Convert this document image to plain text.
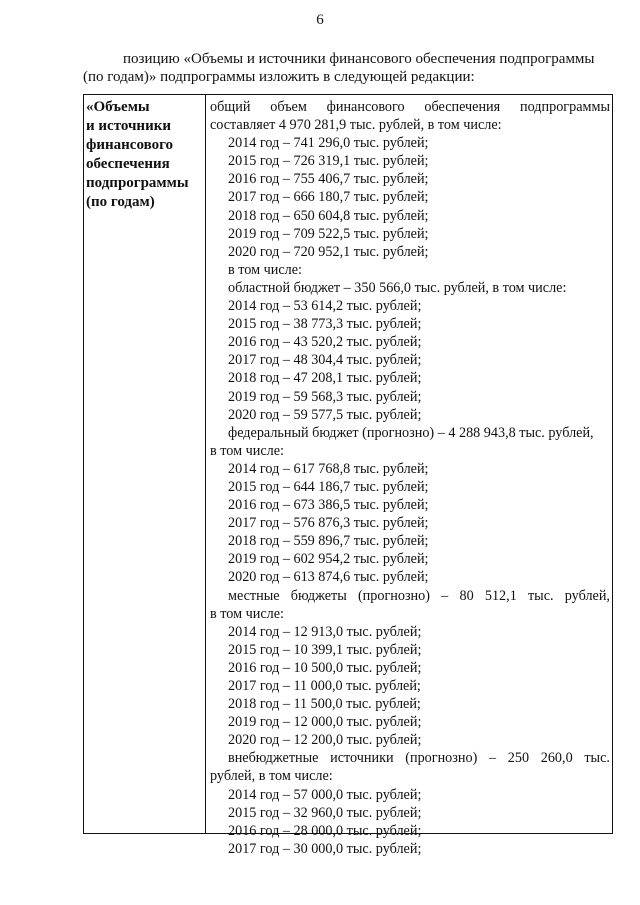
6

позицию «Объемы и источники финансового обеспечения подпрограммы

(по годам)» подпрограммы изложить в следующей редакции:

«Объемы
и источники
финансового
обеспечения
подпрограммы
(по годам)
общий объем финансового обеспечения подпрограммы
составляет 4 970 281,9 тыс. рублей, в том числе:
2014 год – 741 296,0 тыс. рублей;
2015 год – 726 319,1 тыс. рублей;
2016 год – 755 406,7 тыс. рублей;
2017 год – 666 180,7 тыс. рублей;
2018 год – 650 604,8 тыс. рублей;
2019 год – 709 522,5 тыс. рублей;
2020 год – 720 952,1 тыс. рублей;
в том числе:
областной бюджет – 350 566,0 тыс. рублей, в том числе:
2014 год – 53 614,2 тыс. рублей;
2015 год – 38 773,3 тыс. рублей;
2016 год – 43 520,2 тыс. рублей;
2017 год – 48 304,4 тыс. рублей;
2018 год – 47 208,1 тыс. рублей;
2019 год – 59 568,3 тыс. рублей;
2020 год – 59 577,5 тыс. рублей;
федеральный бюджет (прогнозно) – 4 288 943,8 тыс. рублей,
в том числе:
2014 год – 617 768,8 тыс. рублей;
2015 год – 644 186,7 тыс. рублей;
2016 год – 673 386,5 тыс. рублей;
2017 год – 576 876,3 тыс. рублей;
2018 год – 559 896,7 тыс. рублей;
2019 год – 602 954,2 тыс. рублей;
2020 год – 613 874,6 тыс. рублей;
местные бюджеты (прогнозно) – 80 512,1 тыс. рублей,
в том числе:
2014 год – 12 913,0 тыс. рублей;
2015 год – 10 399,1 тыс. рублей;
2016 год – 10 500,0 тыс. рублей;
2017 год – 11 000,0 тыс. рублей;
2018 год – 11 500,0 тыс. рублей;
2019 год – 12 000,0 тыс. рублей;
2020 год – 12 200,0 тыс. рублей;
внебюджетные источники (прогнозно) – 250 260,0 тыс.
рублей, в том числе:
2014 год – 57 000,0 тыс. рублей;
2015 год – 32 960,0 тыс. рублей;
2016 год – 28 000,0 тыс. рублей;
2017 год – 30 000,0 тыс. рублей;
